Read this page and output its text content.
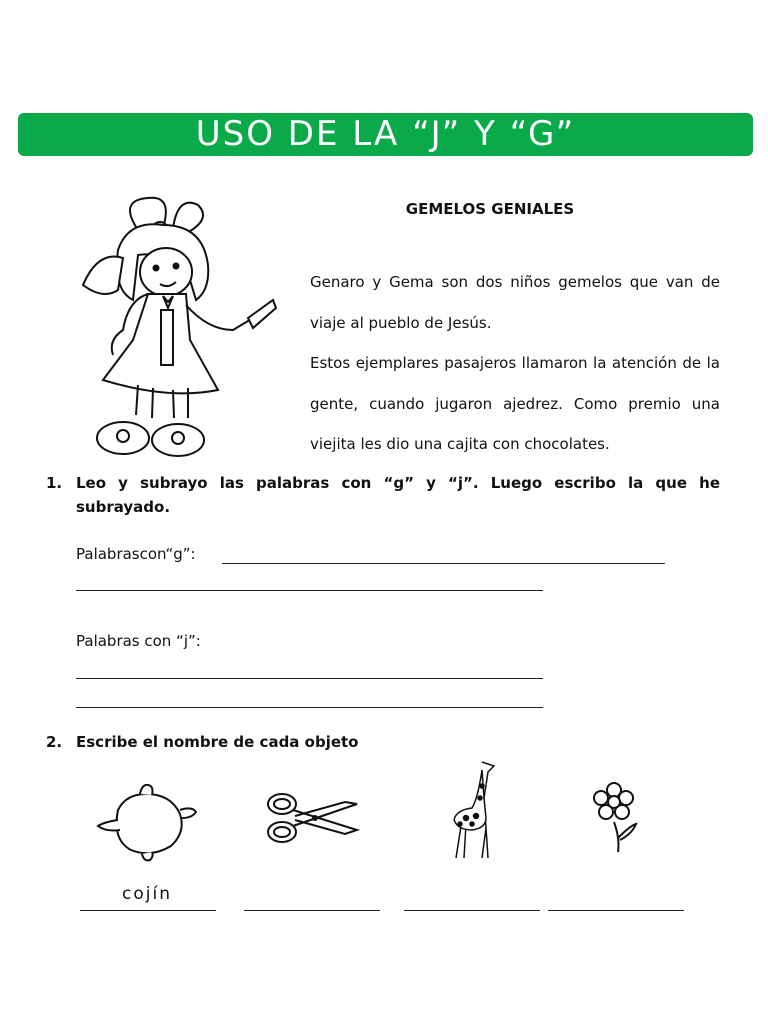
USO DE LA “J” Y “G”
GEMELOS GENIALES

Genaro y Gema son dos niños gemelos que van de viaje al pueblo de Jesús.

Estos ejemplares pasajeros llamaron la atención de la gente, cuando jugaron ajedrez. Como premio una viejita les dio una cajita con chocolates.

1. Leo y subrayo las palabras con “g” y “j”. Luego escribo la que he subrayado.
Palabrascon“g”:
Palabras con “j”:
2. Escribe el nombre de cada objeto
cojín
